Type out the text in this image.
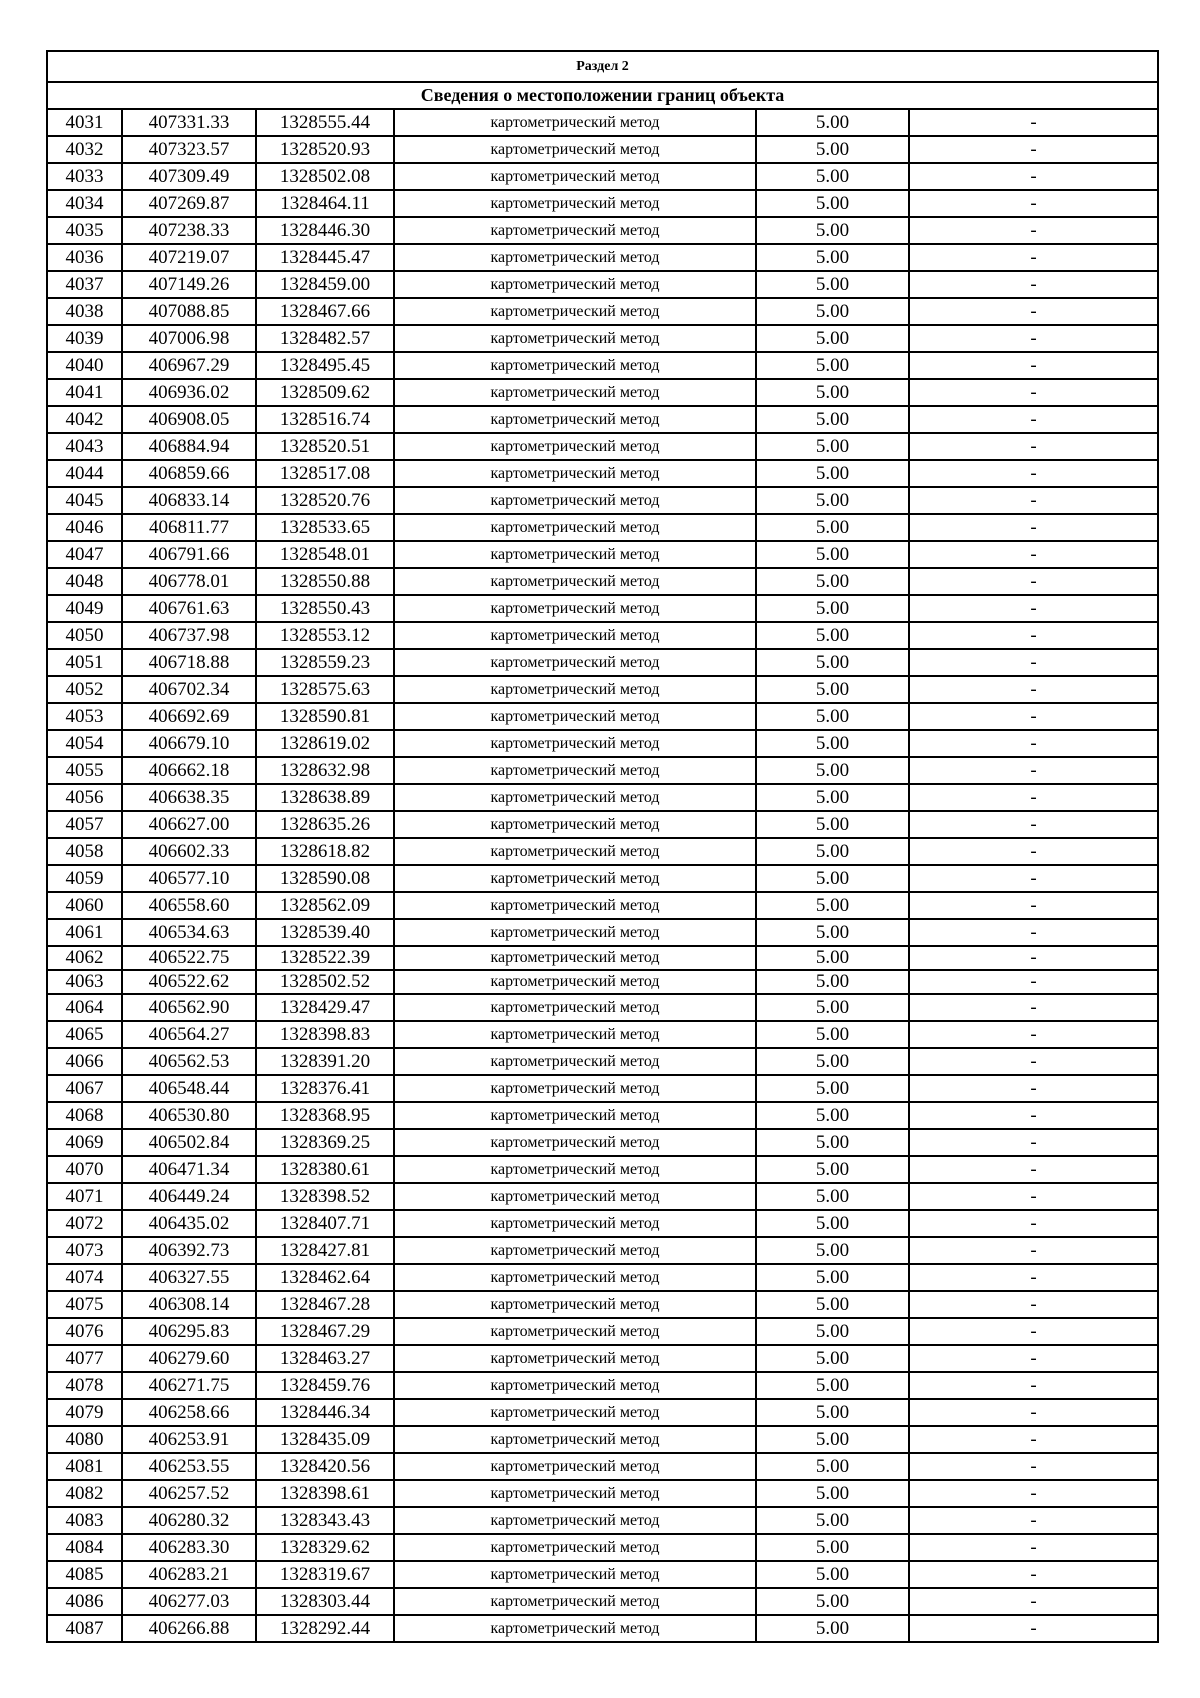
Раздел 2					
Сведения о местоположении границ объекта					
4031	407331.33	1328555.44	картометрический метод	5.00	-
4032	407323.57	1328520.93	картометрический метод	5.00	-
4033	407309.49	1328502.08	картометрический метод	5.00	-
4034	407269.87	1328464.11	картометрический метод	5.00	-
4035	407238.33	1328446.30	картометрический метод	5.00	-
4036	407219.07	1328445.47	картометрический метод	5.00	-
4037	407149.26	1328459.00	картометрический метод	5.00	-
4038	407088.85	1328467.66	картометрический метод	5.00	-
4039	407006.98	1328482.57	картометрический метод	5.00	-
4040	406967.29	1328495.45	картометрический метод	5.00	-
4041	406936.02	1328509.62	картометрический метод	5.00	-
4042	406908.05	1328516.74	картометрический метод	5.00	-
4043	406884.94	1328520.51	картометрический метод	5.00	-
4044	406859.66	1328517.08	картометрический метод	5.00	-
4045	406833.14	1328520.76	картометрический метод	5.00	-
4046	406811.77	1328533.65	картометрический метод	5.00	-
4047	406791.66	1328548.01	картометрический метод	5.00	-
4048	406778.01	1328550.88	картометрический метод	5.00	-
4049	406761.63	1328550.43	картометрический метод	5.00	-
4050	406737.98	1328553.12	картометрический метод	5.00	-
4051	406718.88	1328559.23	картометрический метод	5.00	-
4052	406702.34	1328575.63	картометрический метод	5.00	-
4053	406692.69	1328590.81	картометрический метод	5.00	-
4054	406679.10	1328619.02	картометрический метод	5.00	-
4055	406662.18	1328632.98	картометрический метод	5.00	-
4056	406638.35	1328638.89	картометрический метод	5.00	-
4057	406627.00	1328635.26	картометрический метод	5.00	-
4058	406602.33	1328618.82	картометрический метод	5.00	-
4059	406577.10	1328590.08	картометрический метод	5.00	-
4060	406558.60	1328562.09	картометрический метод	5.00	-
4061	406534.63	1328539.40	картометрический метод	5.00	-
4062	406522.75	1328522.39	картометрический метод	5.00	-
4063	406522.62	1328502.52	картометрический метод	5.00	-
4064	406562.90	1328429.47	картометрический метод	5.00	-
4065	406564.27	1328398.83	картометрический метод	5.00	-
4066	406562.53	1328391.20	картометрический метод	5.00	-
4067	406548.44	1328376.41	картометрический метод	5.00	-
4068	406530.80	1328368.95	картометрический метод	5.00	-
4069	406502.84	1328369.25	картометрический метод	5.00	-
4070	406471.34	1328380.61	картометрический метод	5.00	-
4071	406449.24	1328398.52	картометрический метод	5.00	-
4072	406435.02	1328407.71	картометрический метод	5.00	-
4073	406392.73	1328427.81	картометрический метод	5.00	-
4074	406327.55	1328462.64	картометрический метод	5.00	-
4075	406308.14	1328467.28	картометрический метод	5.00	-
4076	406295.83	1328467.29	картометрический метод	5.00	-
4077	406279.60	1328463.27	картометрический метод	5.00	-
4078	406271.75	1328459.76	картометрический метод	5.00	-
4079	406258.66	1328446.34	картометрический метод	5.00	-
4080	406253.91	1328435.09	картометрический метод	5.00	-
4081	406253.55	1328420.56	картометрический метод	5.00	-
4082	406257.52	1328398.61	картометрический метод	5.00	-
4083	406280.32	1328343.43	картометрический метод	5.00	-
4084	406283.30	1328329.62	картометрический метод	5.00	-
4085	406283.21	1328319.67	картометрический метод	5.00	-
4086	406277.03	1328303.44	картометрический метод	5.00	-
4087	406266.88	1328292.44	картометрический метод	5.00	-
